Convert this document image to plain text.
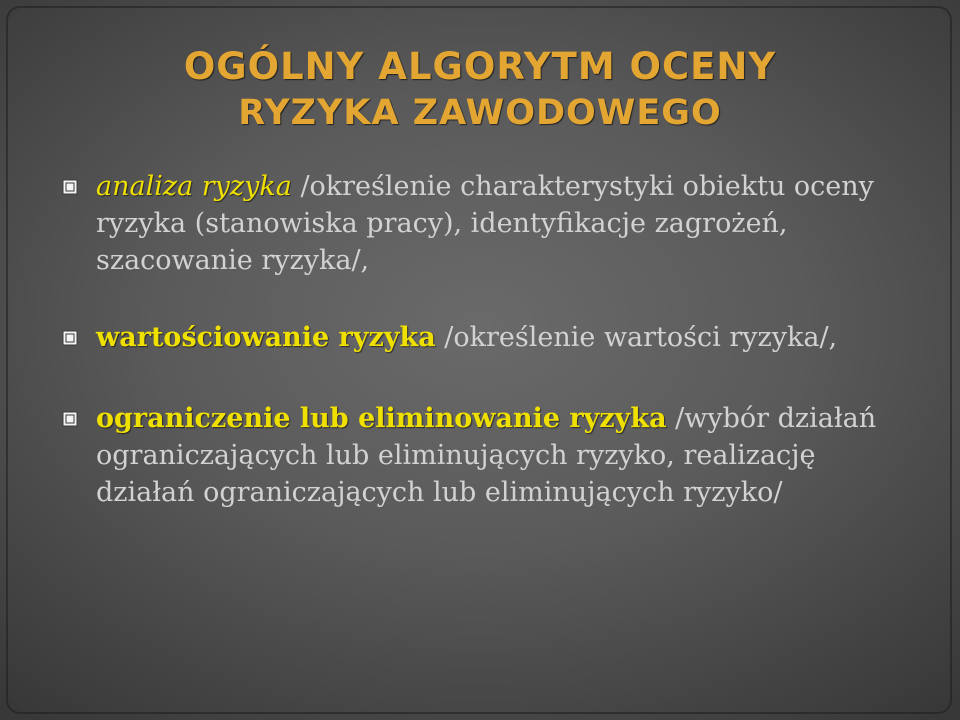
OGÓLNY ALGORYTM OCENY
RYZYKA ZAWODOWEGO
analiza ryzyka /określenie charakterystyki obiektu oceny ryzyka (stanowiska pracy), identyfikacje zagrożeń, szacowanie ryzyka/,
wartościowanie ryzyka /określenie wartości ryzyka/,
ograniczenie lub eliminowanie ryzyka /wybór działań ograniczających lub eliminujących ryzyko, realizację działań ograniczających lub eliminujących ryzyko/
